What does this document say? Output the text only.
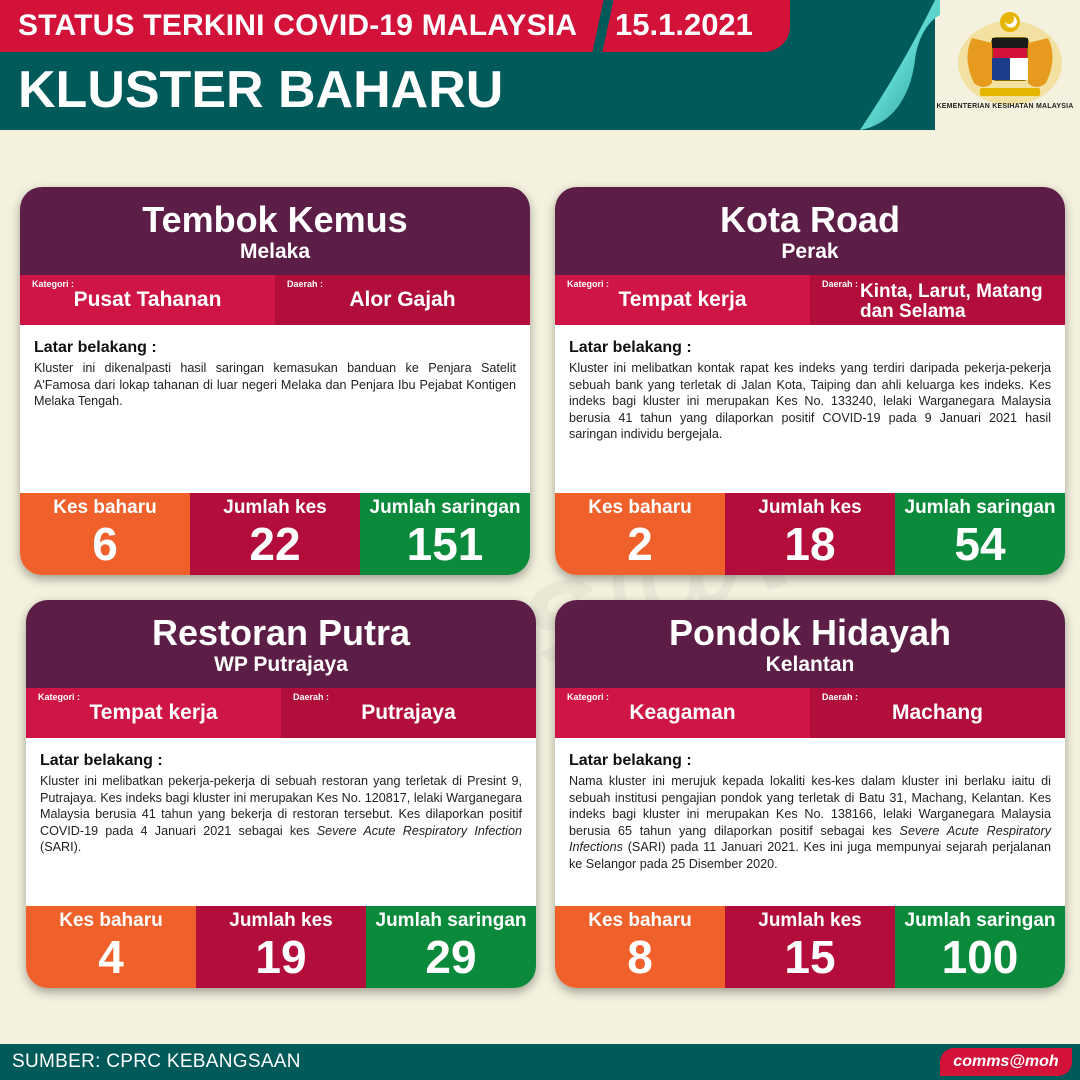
STATUS TERKINI COVID-19 MALAYSIA 15.1.2021
KLUSTER BAHARU	KEMENTERIAN KESIHATAN MALAYSIA
Tembok Kemus
Melaka
Kategori :
Pusat Tahanan
Daerah :
Alor Gajah
Latar belakang :
Kluster ini dikenalpasti hasil saringan kemasukan banduan ke Penjara Satelit A'Famosa dari lokap tahanan di luar negeri Melaka dan Penjara Ibu Pejabat Kontigen Melaka Tengah.
Kes baharu
6
Jumlah kes
22
Jumlah saringan
151
Kota Road
Perak
Kategori :
Tempat kerja
Daerah : Kinta, Larut, Matang dan Selama
Latar belakang :
Kluster ini melibatkan kontak rapat kes indeks yang terdiri daripada pekerja-pekerja sebuah bank yang terletak di Jalan Kota, Taiping dan ahli keluarga kes indeks. Kes indeks bagi kluster ini merupakan Kes No. 133240, lelaki Warganegara Malaysia berusia 41 tahun yang dilaporkan positif COVID-19 pada 9 Januari 2021 hasil saringan individu bergejala.
Kes baharu
2
Jumlah kes
18
Jumlah saringan
54
Restoran Putra
WP Putrajaya
Kategori :
Tempat kerja
Daerah :
Putrajaya
Latar belakang :
Kluster ini melibatkan pekerja-pekerja di sebuah restoran yang terletak di Presint 9, Putrajaya. Kes indeks bagi kluster ini merupakan Kes No. 120817, lelaki Warganegara Malaysia berusia 41 tahun yang bekerja di restoran tersebut. Kes dilaporkan positif COVID-19 pada 4 Januari 2021 sebagai kes Severe Acute Respiratory Infection (SARI).
Kes baharu
4
Jumlah kes
19
Jumlah saringan
29
Pondok Hidayah
Kelantan
Kategori :
Keagaman
Daerah :
Machang
Latar belakang :
Nama kluster ini merujuk kepada lokaliti kes-kes dalam kluster ini berlaku iaitu di sebuah institusi pengajian pondok yang terletak di Batu 31, Machang, Kelantan. Kes indeks bagi kluster ini merupakan Kes No. 138166, lelaki Warganegara Malaysia berusia 65 tahun yang dilaporkan positif sebagai kes Severe Acute Respiratory Infections (SARI) pada 11 Januari 2021. Kes ini juga mempunyai sejarah perjalanan ke Selangor pada 25 Disember 2020.
Kes baharu
8
Jumlah kes
15
Jumlah saringan
100
SUMBER: CPRC KEBANGSAAN	comms@moh
